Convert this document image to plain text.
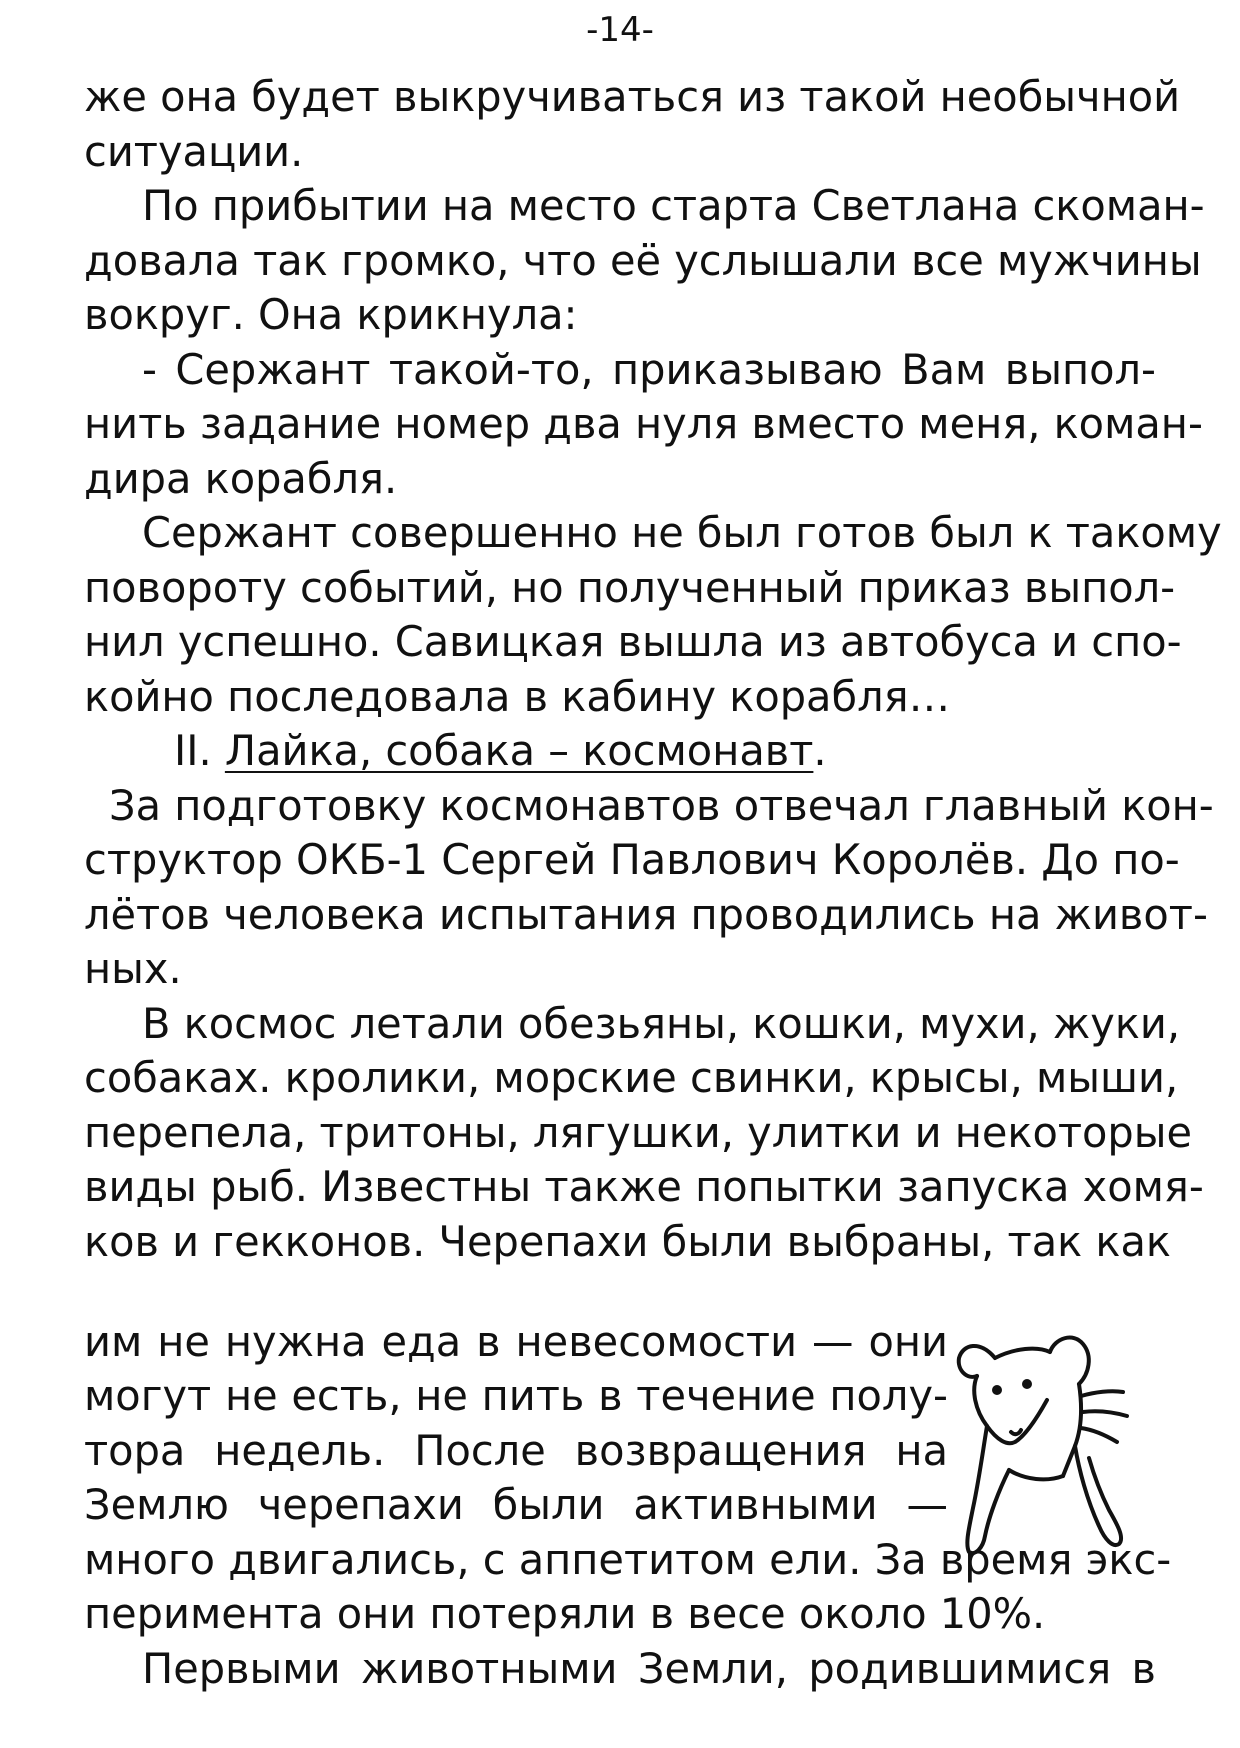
-14-
же она будет выкручиваться из такой необычной
ситуации.
По прибытии на место старта Светлана скоман-
довала так громко, что её услышали все мужчины
вокруг. Она крикнула:
- Сержант такой-то, приказываю Вам выпол-
нить задание номер два нуля вместо меня, коман-
дира корабля.
Сержант совершенно не был готов был к такому
повороту событий, но полученный приказ выпол-
нил успешно. Савицкая вышла из автобуса и спо-
койно последовала в кабину корабля…
II. Лайка, собака – космонавт.
За подготовку космонавтов отвечал главный кон-
структор ОКБ-1 Сергей Павлович Королёв. До по-
лётов человека испытания проводились на живот-
ных.
В космос летали обезьяны, кошки, мухи, жуки,
собаках. кролики, морские свинки, крысы, мыши,
перепела, тритоны, лягушки, улитки и некоторые
виды рыб. Известны также попытки запуска хомя-
ков и гекконов. Черепахи были выбраны, так как
им не нужна еда в невесомости — они
могут не есть, не пить в течение полу-
тора недель. После возвращения на
Землю черепахи были активными —
много двигались, с аппетитом ели. За время экс-
перимента они потеряли в весе около 10%.
Первыми животными Земли, родившимися в
